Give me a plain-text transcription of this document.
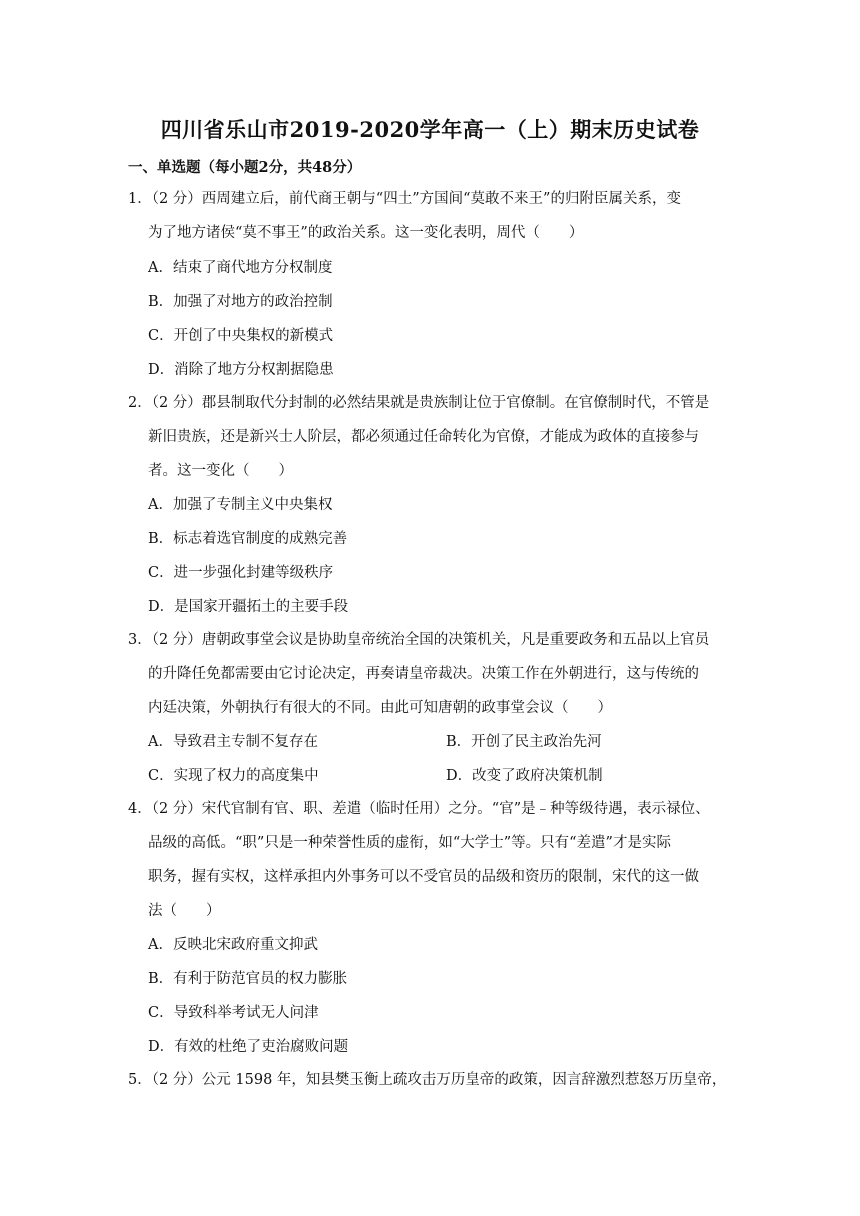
四川省乐山市2019-2020学年高一（上）期末历史试卷
一、单选题（每小题2分，共48分）
1．（2 分）西周建立后，前代商王朝与“四土”方国间“莫敢不来王”的归附臣属关系，变
为了地方诸侯“莫不事王”的政治关系。这一变化表明，周代（　　）
A．结束了商代地方分权制度
B．加强了对地方的政治控制
C．开创了中央集权的新模式
D．消除了地方分权割据隐患
2．（2 分）郡县制取代分封制的必然结果就是贵族制让位于官僚制。在官僚制时代，不管是
新旧贵族，还是新兴士人阶层，都必须通过任命转化为官僚，才能成为政体的直接参与
者。这一变化（　　）
A．加强了专制主义中央集权
B．标志着选官制度的成熟完善
C．进一步强化封建等级秩序
D．是国家开疆拓土的主要手段
3．（2 分）唐朝政事堂会议是协助皇帝统治全国的决策机关，凡是重要政务和五品以上官员
的升降任免都需要由它讨论决定，再奏请皇帝裁决。决策工作在外朝进行，这与传统的
内廷决策，外朝执行有很大的不同。由此可知唐朝的政事堂会议（　　）
A．导致君主专制不复存在	B．开创了民主政治先河
C．实现了权力的高度集中	D．改变了政府决策机制
4．（2 分）宋代官制有官、职、差遣（临时任用）之分。“官”是﹣种等级待遇，表示禄位、
品级的高低。“职”只是一种荣誉性质的虚衔，如“大学士”等。只有“差遣”才是实际
职务，握有实权，这样承担内外事务可以不受官员的品级和资历的限制，宋代的这一做
法（　　）
A．反映北宋政府重文抑武
B．有利于防范官员的权力膨胀
C．导致科举考试无人问津
D．有效的杜绝了吏治腐败问题
5．（2 分）公元 1598 年，知县樊玉衡上疏攻击万历皇帝的政策，因言辞激烈惹怒万历皇帝，
